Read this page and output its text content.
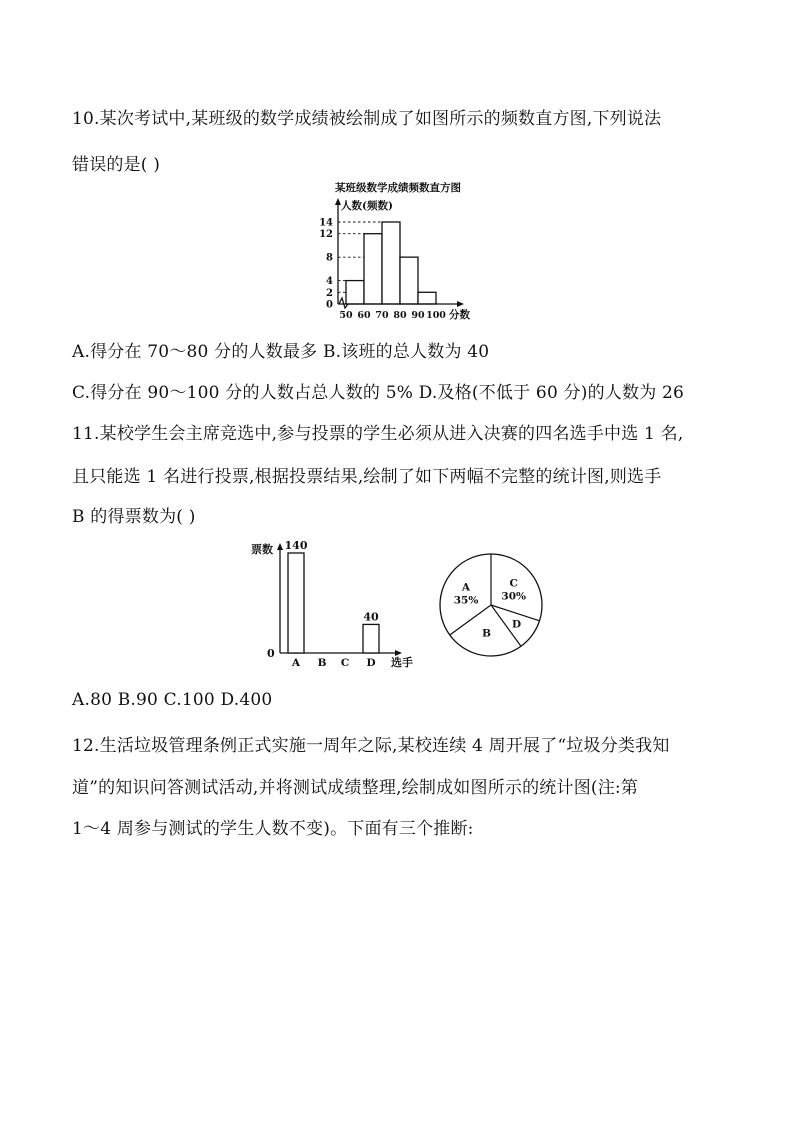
10.某次考试中,某班级的数学成绩被绘制成了如图所示的频数直方图,下列说法
错误的是( )
某班级数学成绩频数直方图
人数(频数)
0
2
4
8
12
14
50 60 70 80 90 100 分数
A.得分在 70～80 分的人数最多 B.该班的总人数为 40
C.得分在 90～100 分的人数占总人数的 5% D.及格(不低于 60 分)的人数为 26
11.某校学生会主席竞选中,参与投票的学生必须从进入决赛的四名选手中选 1 名,
且只能选 1 名进行投票,根据投票结果,绘制了如下两幅不完整的统计图,则选手
B 的得票数为( )
票数
0
A
140
B C D
40
选手
C
30%
D
B
A
35%
A.80 B.90 C.100 D.400
12.生活垃圾管理条例正式实施一周年之际,某校连续 4 周开展了“垃圾分类我知
道”的知识问答测试活动,并将测试成绩整理,绘制成如图所示的统计图(注:第
1～4 周参与测试的学生人数不变)。下面有三个推断:
